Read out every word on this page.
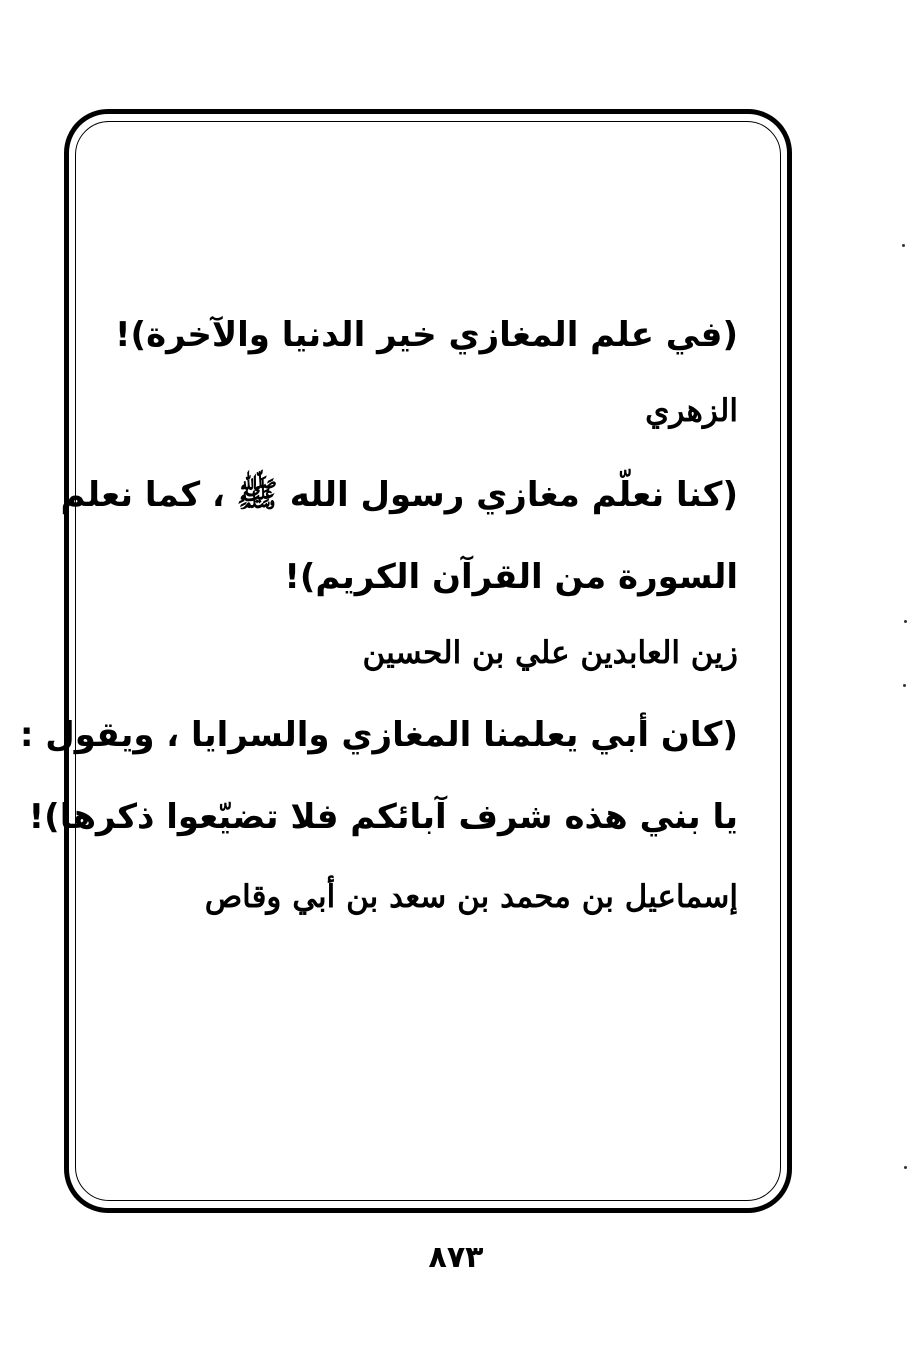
(في علم المغازي خير الدنيا والآخرة)!
الزهري
(كنا نعلّم مغازي رسول الله ﷺ ، كما نعلم
السورة من القرآن الكريم)!
زين العابدين علي بن الحسين
(كان أبي يعلمنا المغازي والسرايا ، ويقول :
يا بني هذه شرف آبائكم فلا تضيّعوا ذكرها)!
إسماعيل بن محمد بن سعد بن أبي وقاص
٨٧٣
